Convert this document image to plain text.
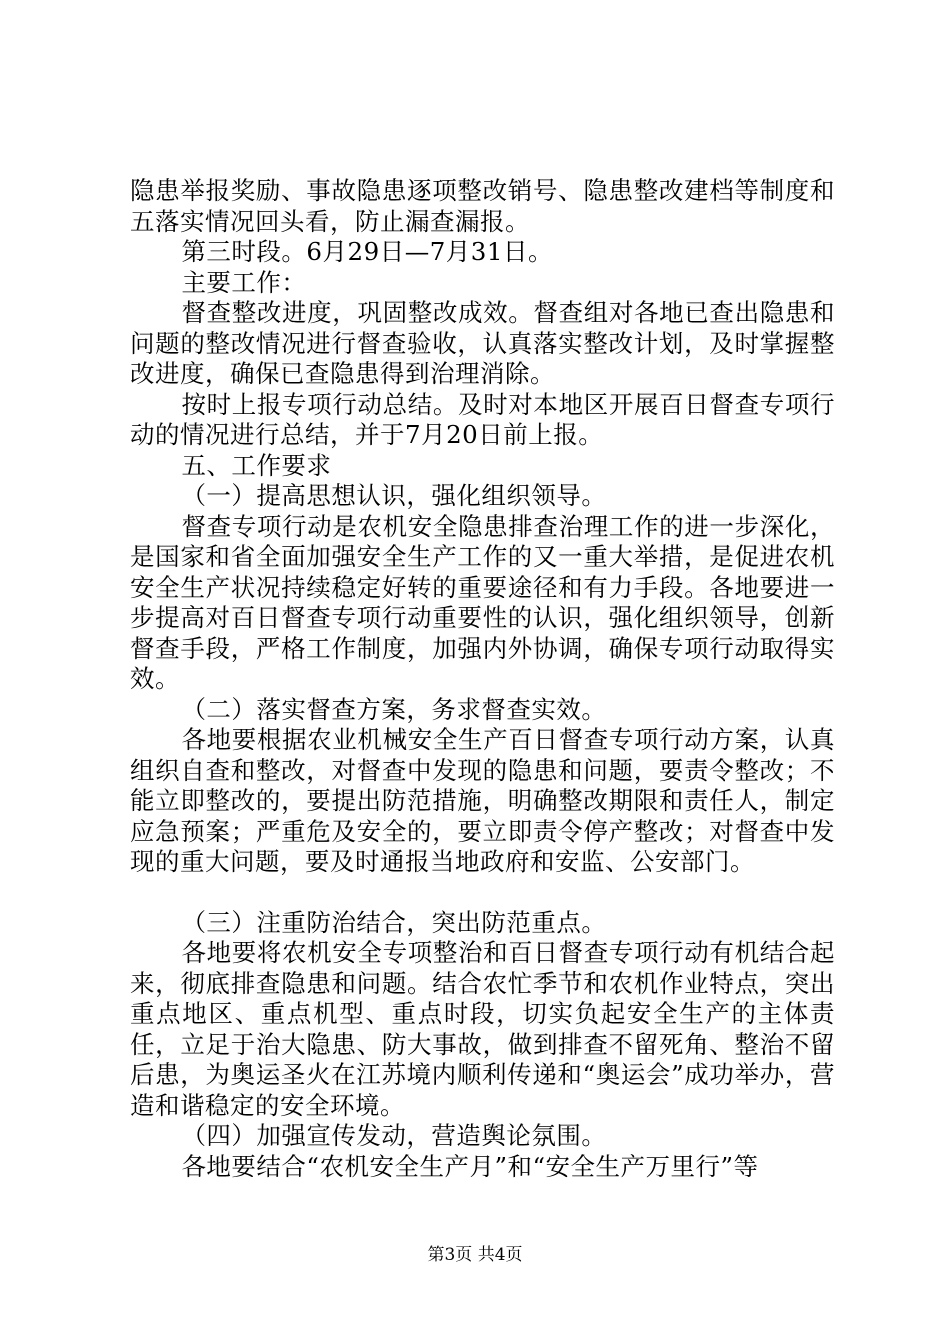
隐患举报奖励、事故隐患逐项整改销号、隐患整改建档等制度和五落实情况回头看，防止漏查漏报。

第三时段。6月29日—7月31日。

主要工作：

督查整改进度，巩固整改成效。督查组对各地已查出隐患和问题的整改情况进行督查验收，认真落实整改计划，及时掌握整改进度，确保已查隐患得到治理消除。

按时上报专项行动总结。及时对本地区开展百日督查专项行动的情况进行总结，并于7月20日前上报。

五、工作要求

（一）提高思想认识，强化组织领导。

督查专项行动是农机安全隐患排查治理工作的进一步深化，是国家和省全面加强安全生产工作的又一重大举措，是促进农机安全生产状况持续稳定好转的重要途径和有力手段。各地要进一步提高对百日督查专项行动重要性的认识，强化组织领导，创新督查手段，严格工作制度，加强内外协调，确保专项行动取得实效。

（二）落实督查方案，务求督查实效。

各地要根据农业机械安全生产百日督查专项行动方案，认真组织自查和整改，对督查中发现的隐患和问题，要责令整改；不能立即整改的，要提出防范措施，明确整改期限和责任人，制定应急预案；严重危及安全的，要立即责令停产整改；对督查中发现的重大问题，要及时通报当地政府和安监、公安部门。

（三）注重防治结合，突出防范重点。

各地要将农机安全专项整治和百日督查专项行动有机结合起来，彻底排查隐患和问题。结合农忙季节和农机作业特点，突出重点地区、重点机型、重点时段，切实负起安全生产的主体责任，立足于治大隐患、防大事故，做到排查不留死角、整治不留后患，为奥运圣火在江苏境内顺利传递和“奥运会”成功举办，营造和谐稳定的安全环境。

（四）加强宣传发动，营造舆论氛围。

各地要结合“农机安全生产月”和“安全生产万里行”等

第3页 共4页
